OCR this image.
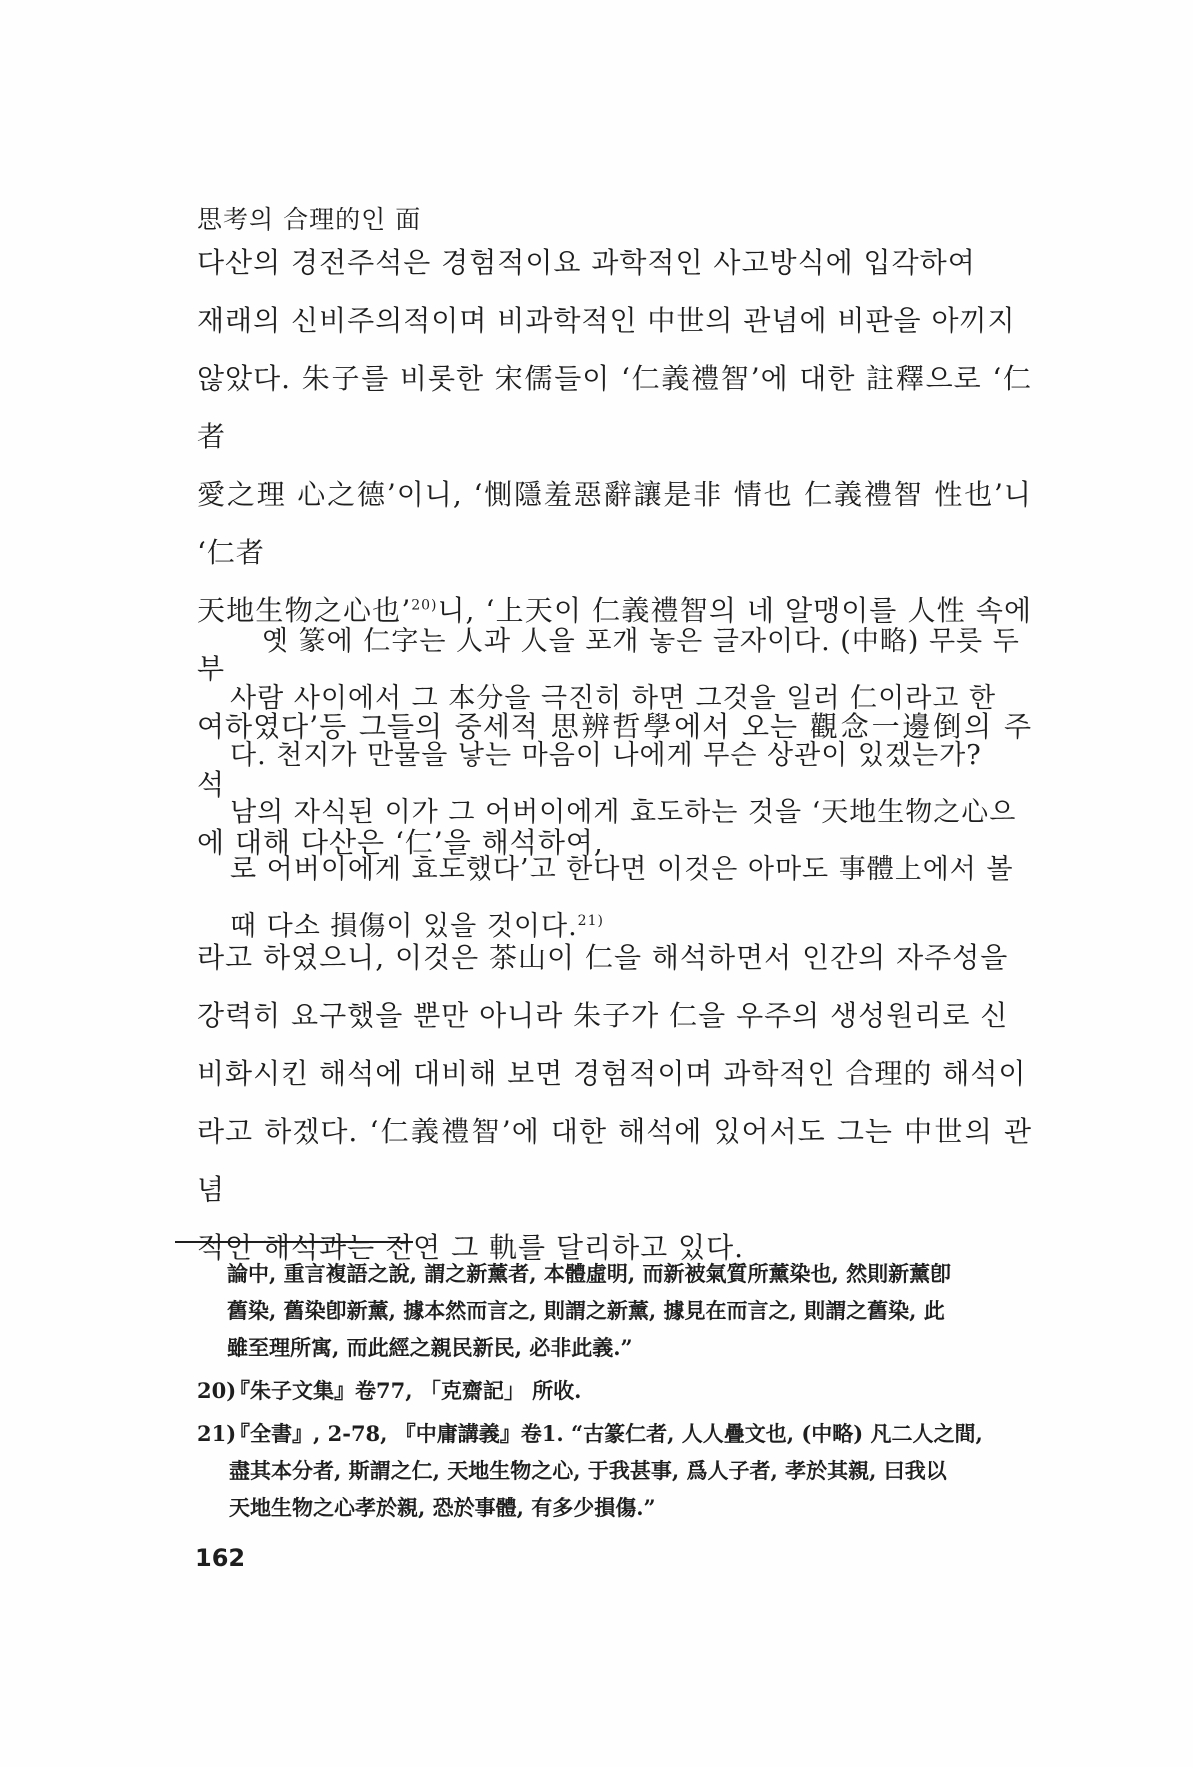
思考의 合理的인 面

다산의 경전주석은 경험적이요 과학적인 사고방식에 입각하여
재래의 신비주의적이며 비과학적인 中世의 관념에 비판을 아끼지
않았다. 朱子를 비롯한 宋儒들이 ‘仁義禮智’에 대한 註釋으로 ‘仁者
愛之理 心之德’이니, ‘惻隱羞惡辭讓是非 情也 仁義禮智 性也’니 ‘仁者
天地生物之心也’$^{20)}$니, ‘上天이 仁義禮智의 네 알맹이를 人性 속에 부
여하였다’등 그들의 중세적 思辨哲學에서 오는 觀念一邊倒의 주석
에 대해 다산은 ‘仁’을 해석하여,

옛 篆에 仁字는 人과 人을 포개 놓은 글자이다. (中略) 무릇 두
사람 사이에서 그 本分을 극진히 하면 그것을 일러 仁이라고 한
다. 천지가 만물을 낳는 마음이 나에게 무슨 상관이 있겠는가?
남의 자식된 이가 그 어버이에게 효도하는 것을 ‘天地生物之心으
로 어버이에게 효도했다’고 한다면 이것은 아마도 事體上에서 볼
때 다소 損傷이 있을 것이다.$^{21)}$

라고 하였으니, 이것은 茶山이 仁을 해석하면서 인간의 자주성을
강력히 요구했을 뿐만 아니라 朱子가 仁을 우주의 생성원리로 신
비화시킨 해석에 대비해 보면 경험적이며 과학적인 合理的 해석이
라고 하겠다. ‘仁義禮智’에 대한 해석에 있어서도 그는 中世의 관념
적인 해석과는 전연 그 軌를 달리하고 있다.

論中, 重言複語之說, 謂之新薰者, 本體虛明, 而新被氣質所薰染也, 然則新薰卽
舊染, 舊染卽新薰, 據本然而言之, 則謂之新薰, 據見在而言之, 則謂之舊染, 此
雖至理所寓, 而此經之親民新民, 必非此義.”
20)『朱子文集』卷77, 「克齋記」 所收.
21)『全書』, 2-78, 『中庸講義』卷1. “古篆仁者, 人人疊文也, (中略) 凡二人之間,
盡其本分者, 斯謂之仁, 天地生物之心, 于我甚事, 爲人子者, 孝於其親, 曰我以
天地生物之心孝於親, 恐於事體, 有多少損傷.”
162
